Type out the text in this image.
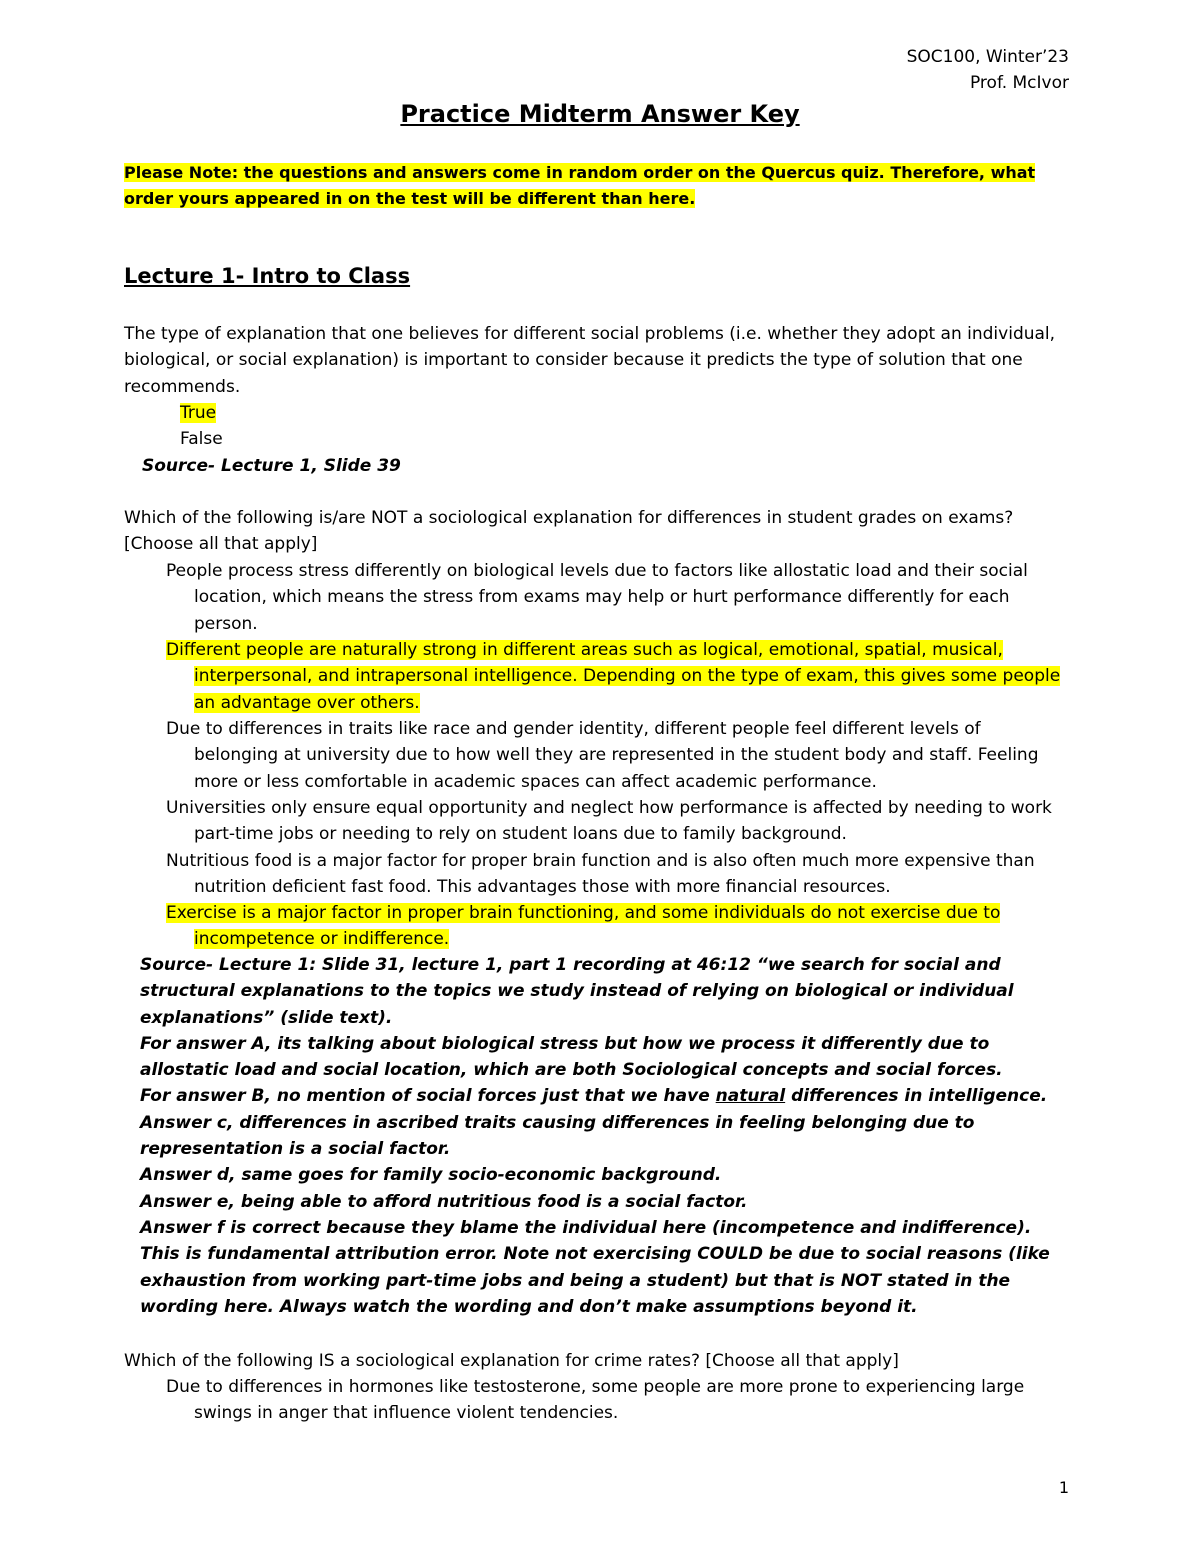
SOC100, Winter’23
Prof. McIvor
Practice Midterm Answer Key
Please Note: the questions and answers come in random order on the Quercus quiz. Therefore, what order yours appeared in on the test will be different than here.
Lecture 1- Intro to Class
The type of explanation that one believes for different social problems (i.e. whether they adopt an individual, biological, or social explanation) is important to consider because it predicts the type of solution that one recommends.
True
False
Source- Lecture 1, Slide 39
Which of the following is/are NOT a sociological explanation for differences in student grades on exams? [Choose all that apply]
People process stress differently on biological levels due to factors like allostatic load and their social location, which means the stress from exams may help or hurt performance differently for each person.
Different people are naturally strong in different areas such as logical, emotional, spatial, musical, interpersonal, and intrapersonal intelligence. Depending on the type of exam, this gives some people an advantage over others.
Due to differences in traits like race and gender identity, different people feel different levels of belonging at university due to how well they are represented in the student body and staff. Feeling more or less comfortable in academic spaces can affect academic performance.
Universities only ensure equal opportunity and neglect how performance is affected by needing to work part-time jobs or needing to rely on student loans due to family background.
Nutritious food is a major factor for proper brain function and is also often much more expensive than nutrition deficient fast food. This advantages those with more financial resources.
Exercise is a major factor in proper brain functioning, and some individuals do not exercise due to incompetence or indifference.

Source- Lecture 1: Slide 31, lecture 1, part 1 recording at 46:12 “we search for social and structural explanations to the topics we study instead of relying on biological or individual explanations” (slide text).

For answer A, its talking about biological stress but how we process it differently due to allostatic load and social location, which are both Sociological concepts and social forces.

For answer B, no mention of social forces just that we have natural differences in intelligence.

Answer c, differences in ascribed traits causing differences in feeling belonging due to representation is a social factor.

Answer d, same goes for family socio-economic background.

Answer e, being able to afford nutritious food is a social factor.

Answer f is correct because they blame the individual here (incompetence and indifference). This is fundamental attribution error. Note not exercising COULD be due to social reasons (like exhaustion from working part-time jobs and being a student) but that is NOT stated in the wording here. Always watch the wording and don’t make assumptions beyond it.

Which of the following IS a sociological explanation for crime rates? [Choose all that apply]
Due to differences in hormones like testosterone, some people are more prone to experiencing large swings in anger that influence violent tendencies.
1
